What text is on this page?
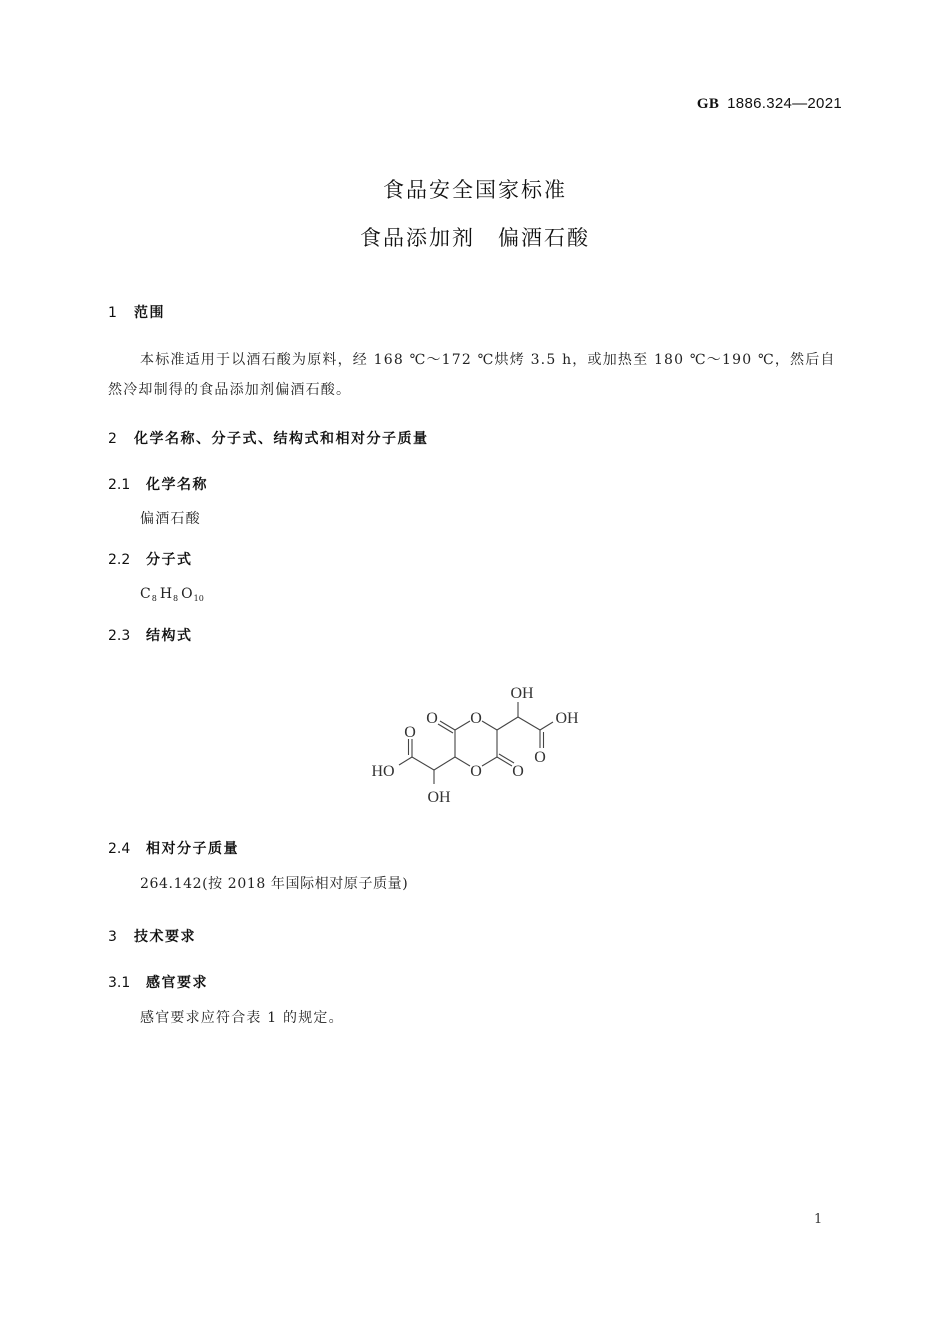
GB 1886.324—2021
食品安全国家标准
食品添加剂　偏酒石酸
1 范围
本标准适用于以酒石酸为原料，经 168 ℃～172 ℃烘烤 3.5 h，或加热至 180 ℃～190 ℃，然后自然冷却制得的食品添加剂偏酒石酸。
2 化学名称、分子式、结构式和相对分子质量
2.1 化学名称
偏酒石酸
2.2 分子式
$C_8$ $H_8$ $O_{10}$
2.3 结构式
OH
OH
O
O
O
O
O
O
HO
OH
2.4 相对分子质量
264.142(按 2018 年国际相对原子质量)
3 技术要求
3.1 感官要求
感官要求应符合表 1 的规定。
1
